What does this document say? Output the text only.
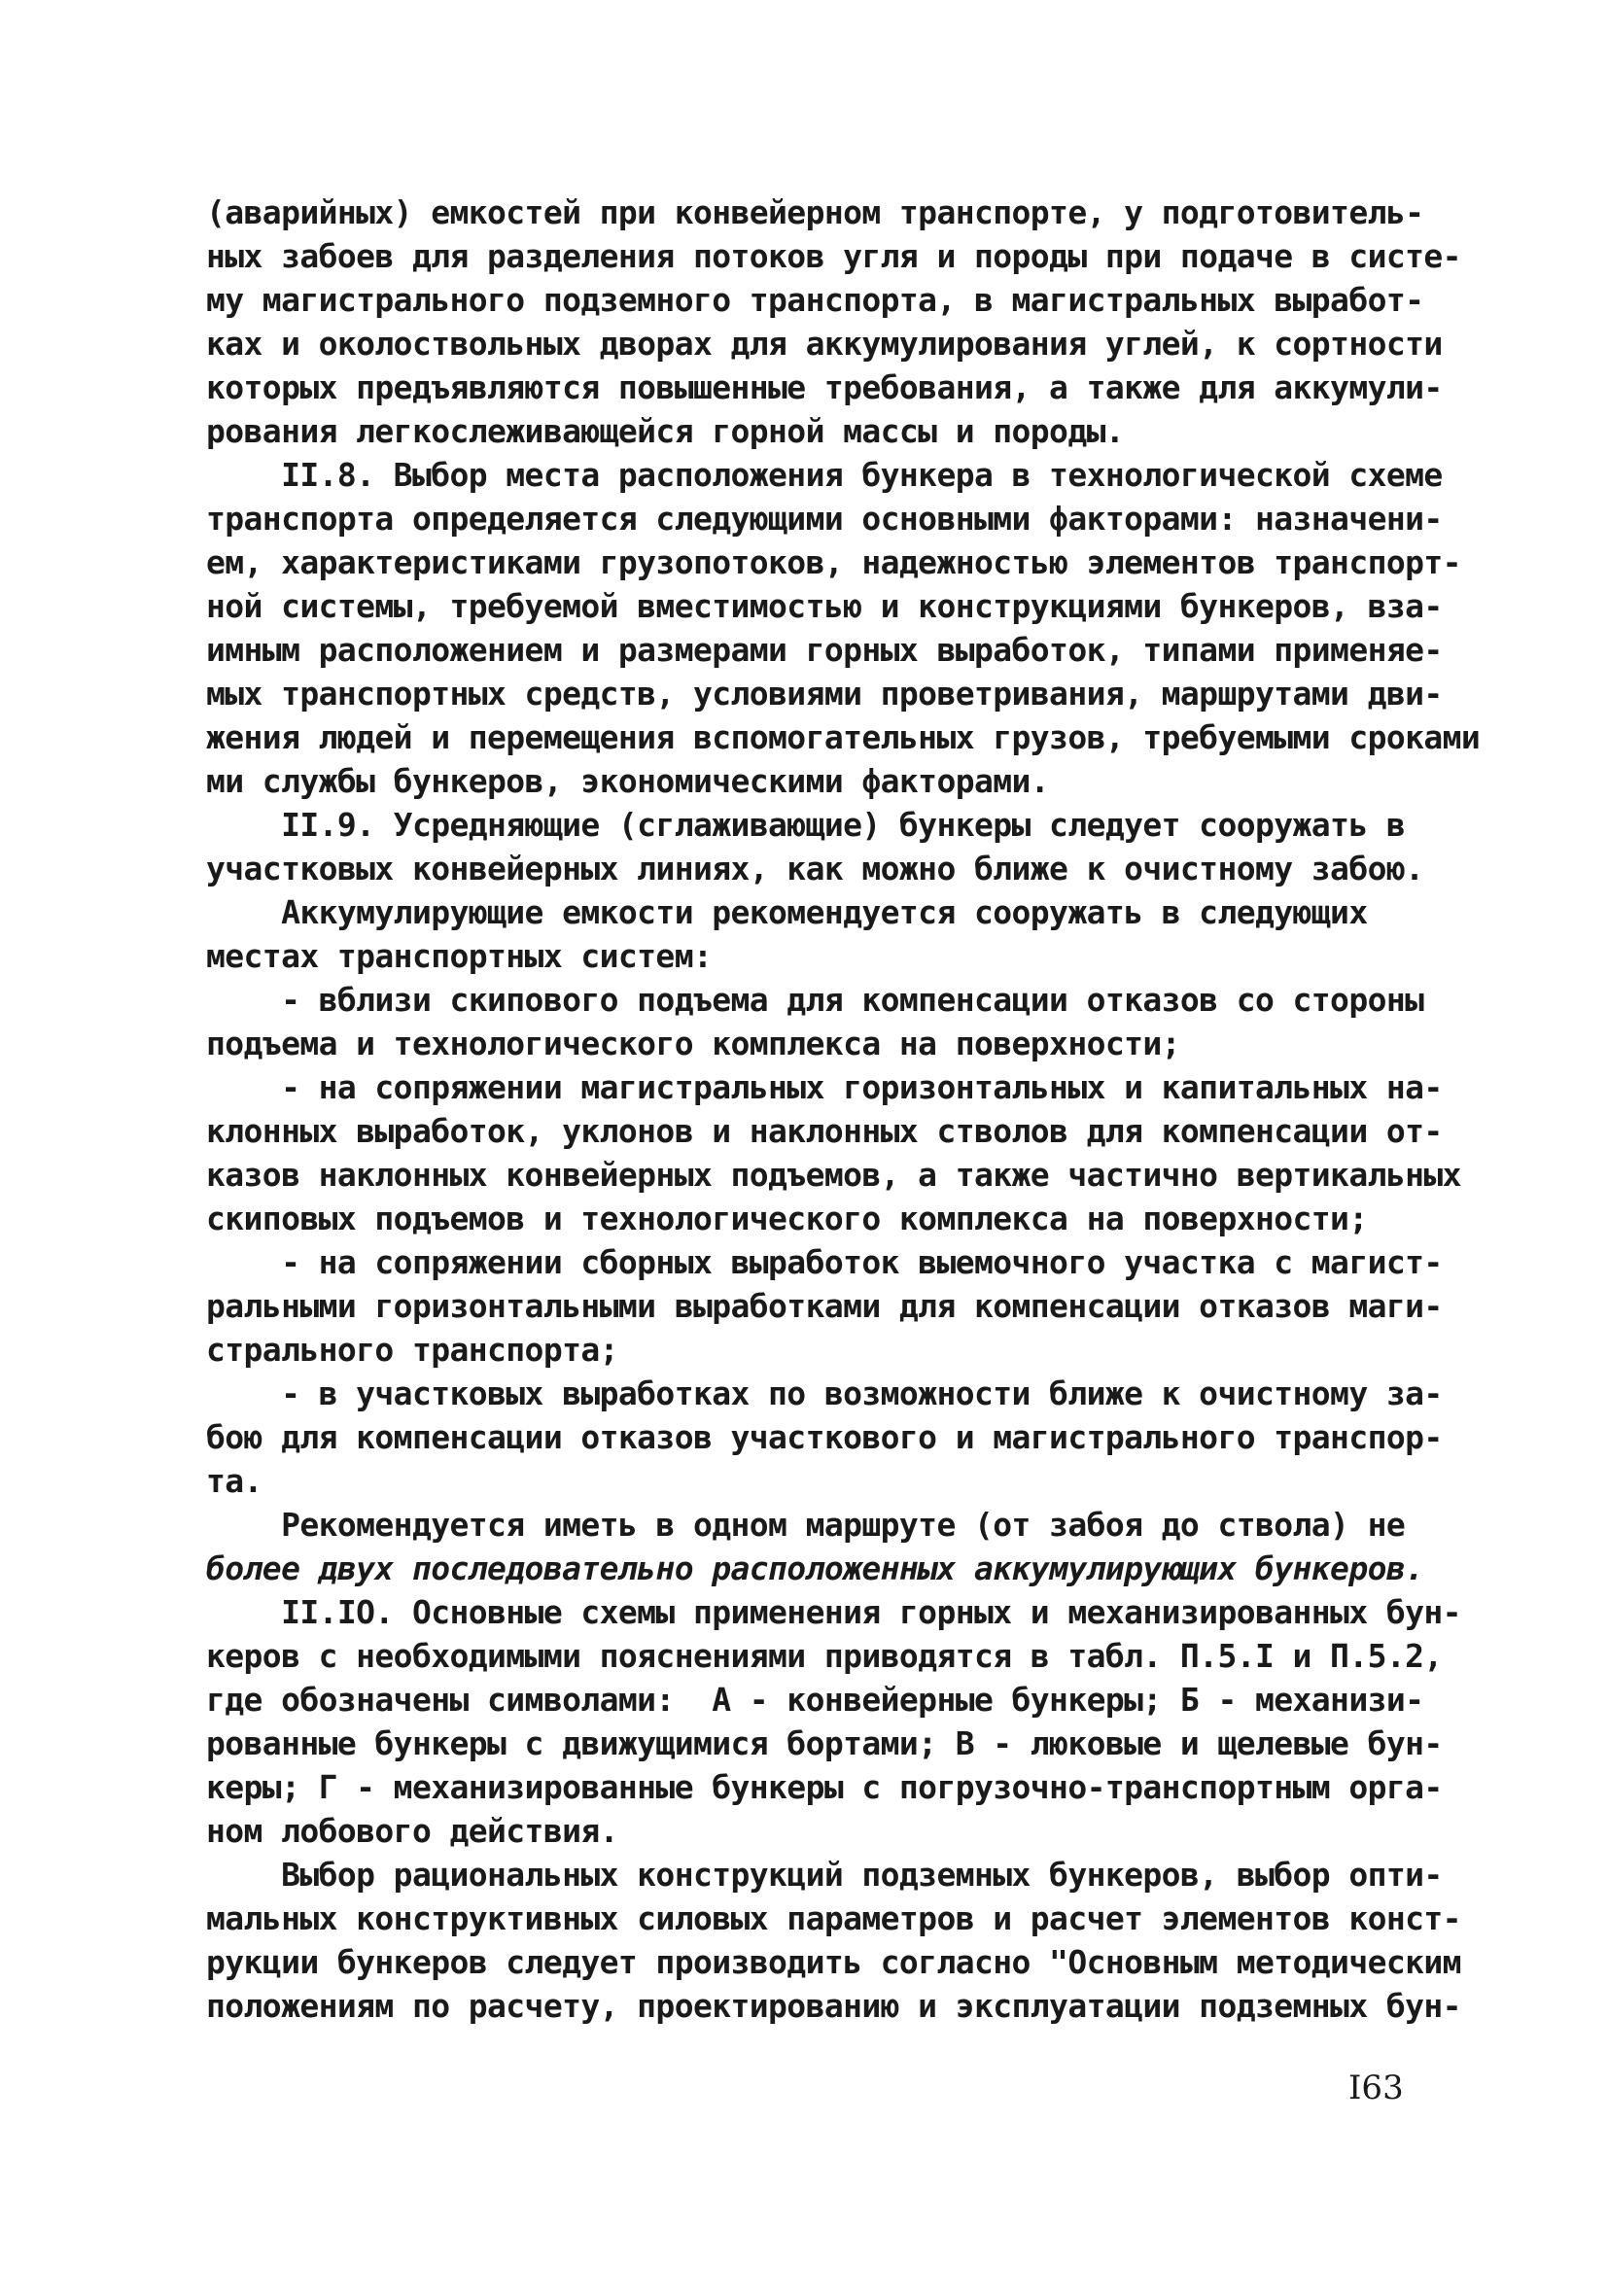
(аварийных) емкостей при конвейерном транспорте, у подготовитель-
ных забоев для разделения потоков угля и породы при подаче в систе-
му магистрального подземного транспорта, в магистральных выработ-
ках и околоствольных дворах для аккумулирования углей, к сортности
которых предъявляются повышенные требования, а также для аккумули-
рования легкослеживающейся горной массы и породы.
II.8. Выбор места расположения бункера в технологической схеме
транспорта определяется следующими основными факторами: назначени-
ем, характеристиками грузопотоков, надежностью элементов транспорт-
ной системы, требуемой вместимостью и конструкциями бункеров, вза-
имным расположением и размерами горных выработок, типами применяе-
мых транспортных средств, условиями проветривания, маршрутами дви-
жения людей и перемещения вспомогательных грузов, требуемыми сроками
ми службы бункеров, экономическими факторами.
II.9. Усредняющие (сглаживающие) бункеры следует сооружать в
участковых конвейерных линиях, как можно ближе к очистному забою.
Аккумулирующие емкости рекомендуется сооружать в следующих
местах транспортных систем:
- вблизи скипового подъема для компенсации отказов со стороны
подъема и технологического комплекса на поверхности;
- на сопряжении магистральных горизонтальных и капитальных на-
клонных выработок, уклонов и наклонных стволов для компенсации от-
казов наклонных конвейерных подъемов, а также частично вертикальных
скиповых подъемов и технологического комплекса на поверхности;
- на сопряжении сборных выработок выемочного участка с магист-
ральными горизонтальными выработками для компенсации отказов маги-
стрального транспорта;
- в участковых выработках по возможности ближе к очистному за-
бою для компенсации отказов участкового и магистрального транспор-
та.
Рекомендуется иметь в одном маршруте (от забоя до ствола) не
более двух последовательно расположенных аккумулирующих бункеров.
II.IO. Основные схемы применения горных и механизированных бун-
керов с необходимыми пояснениями приводятся в табл. П.5.I и П.5.2,
где обозначены символами:  А - конвейерные бункеры; Б - механизи-
рованные бункеры с движущимися бортами; В - люковые и щелевые бун-
керы; Г - механизированные бункеры с погрузочно-транспортным орга-
ном лобового действия.
Выбор рациональных конструкций подземных бункеров, выбор опти-
мальных конструктивных силовых параметров и расчет элементов конст-
рукции бункеров следует производить согласно "Основным методическим
положениям по расчету, проектированию и эксплуатации подземных бун-
I63
